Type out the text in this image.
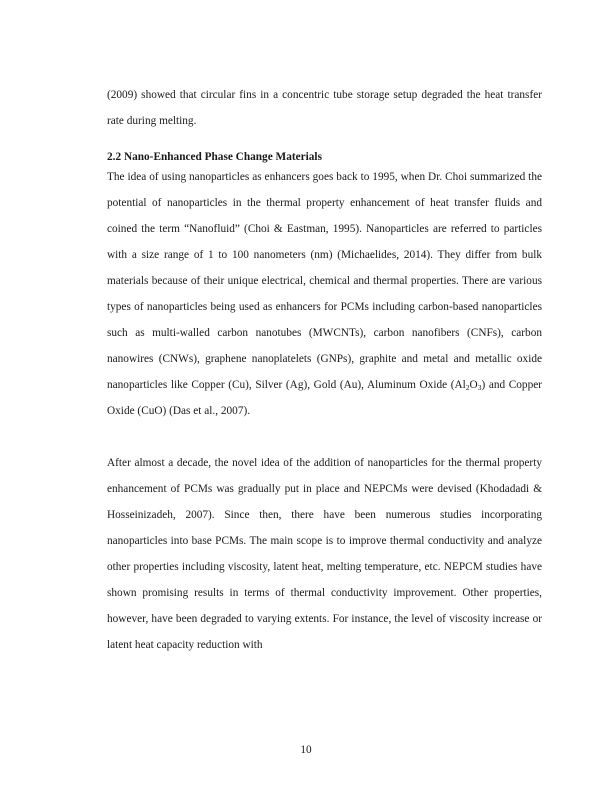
(2009) showed that circular fins in a concentric tube storage setup degraded the heat transfer rate during melting.

2.2 Nano-Enhanced Phase Change Materials

The idea of using nanoparticles as enhancers goes back to 1995, when Dr. Choi summarized the potential of nanoparticles in the thermal property enhancement of heat transfer fluids and coined the term “Nanofluid” (Choi & Eastman, 1995). Nanoparticles are referred to particles with a size range of 1 to 100 nanometers (nm) (Michaelides, 2014). They differ from bulk materials because of their unique electrical, chemical and thermal properties. There are various types of nanoparticles being used as enhancers for PCMs including carbon-based nanoparticles such as multi-walled carbon nanotubes (MWCNTs), carbon nanofibers (CNFs), carbon nanowires (CNWs), graphene nanoplatelets (GNPs), graphite and metal and metallic oxide nanoparticles like Copper (Cu), Silver (Ag), Gold (Au), Aluminum Oxide $(Al_2O_3)$ and Copper Oxide (CuO) (Das et al., 2007).

After almost a decade, the novel idea of the addition of nanoparticles for the thermal property enhancement of PCMs was gradually put in place and NEPCMs were devised (Khodadadi & Hosseinizadeh, 2007). Since then, there have been numerous studies incorporating nanoparticles into base PCMs. The main scope is to improve thermal conductivity and analyze other properties including viscosity, latent heat, melting temperature, etc. NEPCM studies have shown promising results in terms of thermal conductivity improvement. Other properties, however, have been degraded to varying extents. For instance, the level of viscosity increase or latent heat capacity reduction with

10
